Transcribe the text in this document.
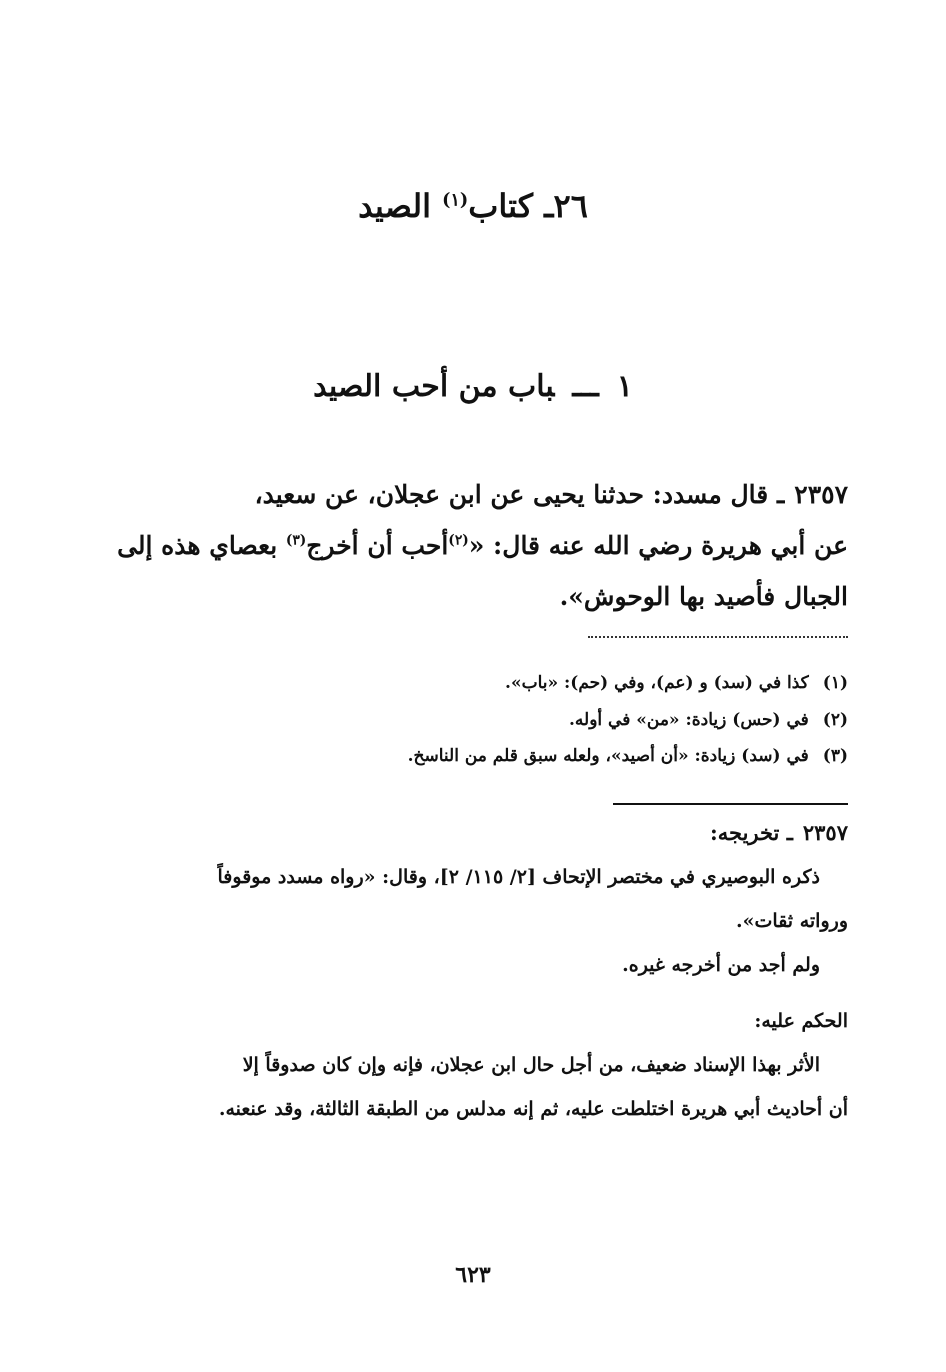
٢٦ـ كتاب$^{(١)}$ الصيد
١ـــباب من أحب الصيد
٢٣٥٧ـ قال مسدد: حدثنا يحيى عن ابن عجلان، عن سعيد،
عن أبي هريرة رضي الله عنه قال: «$^{(٢)}$أحب أن أخرج$^{(٣)}$ بعصاي هذه إلى
الجبال فأصيد بها الوحوش».
(١)كذا في (سد) و (عم)، وفي (حم): «باب».
(٢)في (حس) زيادة: «من» في أوله.
(٣)في (سد) زيادة: «أن أصيد»، ولعله سبق قلم من الناسخ.
٢٣٥٧ـ تخريجه:
ذكره البوصيري في مختصر الإتحاف [٢/ ١١٥/ ٢]، وقال: «رواه مسدد موقوفاً
ورواته ثقات».
ولم أجد من أخرجه غيره.
الحكم عليه:
الأثر بهذا الإسناد ضعيف، من أجل حال ابن عجلان، فإنه وإن كان صدوقاً إلا
أن أحاديث أبي هريرة اختلطت عليه، ثم إنه مدلس من الطبقة الثالثة، وقد عنعنه.
٦٢٣
